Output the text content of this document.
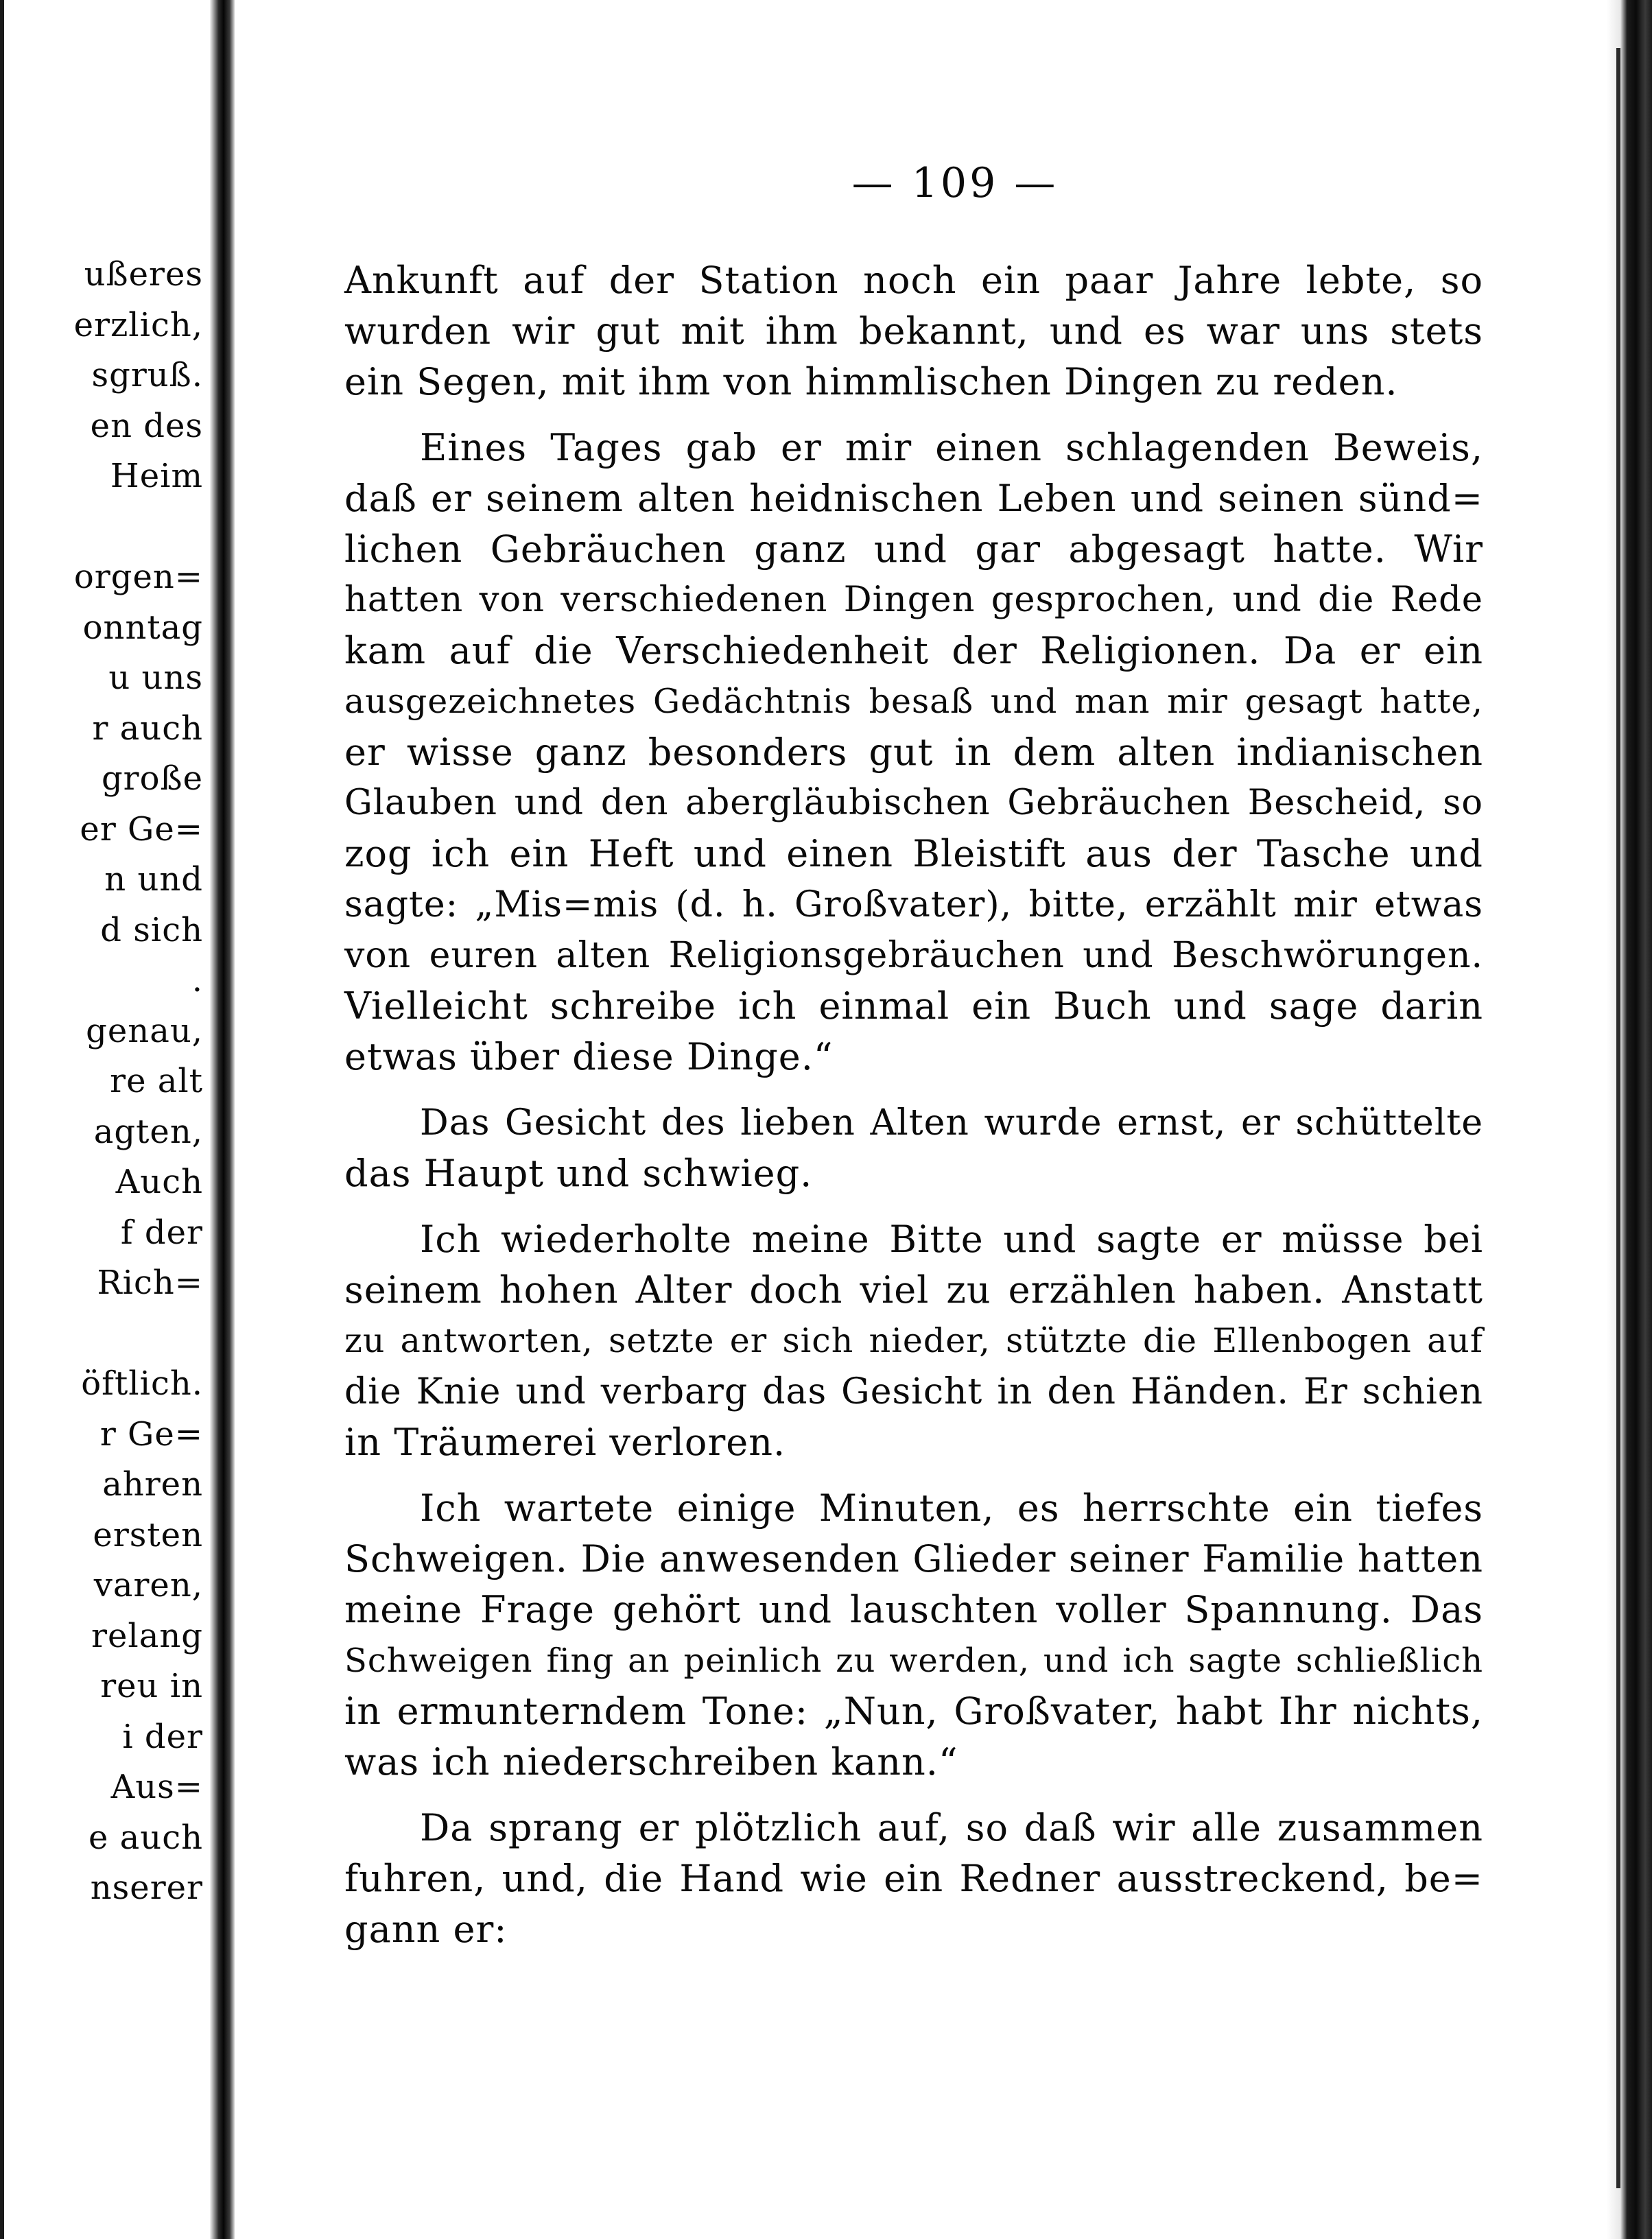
ußeres
erzlich,
sgruß.
en des
Heim
orgen=
onntag
u uns
r auch
große
er Ge=
n und
d sich
.
genau,
re alt
agten,
Auch
f der
Rich=
öftlich.
r Ge=
ahren
ersten
varen,
relang
reu in
i der
Aus=
e auch
nserer
— 109 —
Ankunft auf der Station noch ein paar Jahre lebte, so
wurden wir gut mit ihm bekannt, und es war uns stets
ein Segen, mit ihm von himmlischen Dingen zu reden.
Eines Tages gab er mir einen schlagenden Beweis,
daß er seinem alten heidnischen Leben und seinen sünd=
lichen Gebräuchen ganz und gar abgesagt hatte. Wir
hatten von verschiedenen Dingen gesprochen, und die Rede
kam auf die Verschiedenheit der Religionen. Da er ein
ausgezeichnetes Gedächtnis besaß und man mir gesagt hatte,
er wisse ganz besonders gut in dem alten indianischen
Glauben und den abergläubischen Gebräuchen Bescheid, so
zog ich ein Heft und einen Bleistift aus der Tasche und
sagte: „Mis=mis (d. h. Großvater), bitte, erzählt mir etwas
von euren alten Religionsgebräuchen und Beschwörungen.
Vielleicht schreibe ich einmal ein Buch und sage darin
etwas über diese Dinge.“
Das Gesicht des lieben Alten wurde ernst, er schüttelte
das Haupt und schwieg.
Ich wiederholte meine Bitte und sagte er müsse bei
seinem hohen Alter doch viel zu erzählen haben. Anstatt
zu antworten, setzte er sich nieder, stützte die Ellenbogen auf
die Knie und verbarg das Gesicht in den Händen. Er schien
in Träumerei verloren.
Ich wartete einige Minuten, es herrschte ein tiefes
Schweigen. Die anwesenden Glieder seiner Familie hatten
meine Frage gehört und lauschten voller Spannung. Das
Schweigen fing an peinlich zu werden, und ich sagte schließlich
in ermunterndem Tone: „Nun, Großvater, habt Ihr nichts,
was ich niederschreiben kann.“
Da sprang er plötzlich auf, so daß wir alle zusammen
fuhren, und, die Hand wie ein Redner ausstreckend, be=
gann er:
